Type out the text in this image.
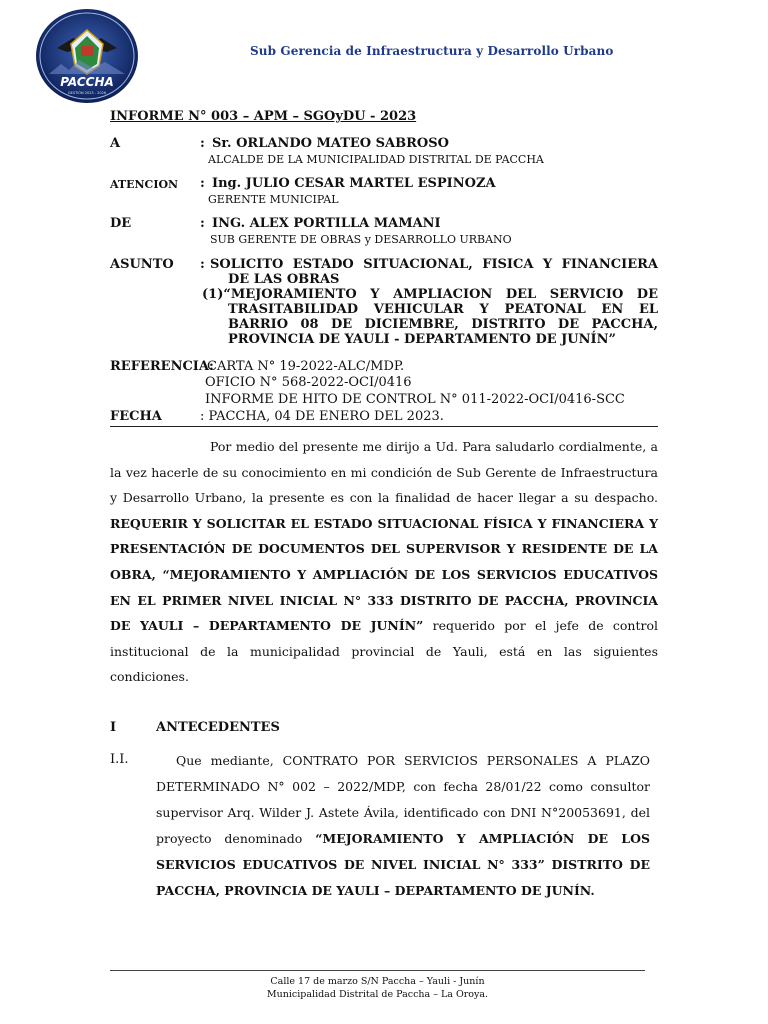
PACCHA
GESTIÓN 2023 - 2026
Sub Gerencia de Infraestructura y Desarrollo Urbano
INFORME N° 003 – APM – SGOyDU - 2023
A	: Sr. ORLANDO MATEO SABROSO
ALCALDE DE LA MUNICIPALIDAD DISTRITAL DE PACCHA
ATENCION : Ing. JULIO CESAR MARTEL ESPINOZA
GERENTE MUNICIPAL
DE	: ING. ALEX PORTILLA MAMANI
SUB GERENTE DE OBRAS y DESARROLLO URBANO
ASUNTO : SOLICITO ESTADO SITUACIONAL, FISICA Y FINANCIERA DE LAS OBRAS
(1)“MEJORAMIENTO Y AMPLIACION DEL SERVICIO DE TRASITABILIDAD VEHICULAR Y PEATONAL EN EL BARRIO 08 DE DICIEMBRE, DISTRITO DE PACCHA, PROVINCIA DE YAULI - DEPARTAMENTO DE JUNÍN”
REFERENCIA:
CARTA N° 19-2022-ALC/MDP.
OFICIO N° 568-2022-OCI/0416
INFORME DE HITO DE CONTROL N° 011-2022-OCI/0416-SCC
FECHA	: PACCHA, 04 DE ENERO DEL 2023.
Por medio del presente me dirijo a Ud. Para saludarlo cordialmente, a la vez hacerle de su conocimiento en mi condición de Sub Gerente de Infraestructura y Desarrollo Urbano, la presente es con la finalidad de hacer llegar a su despacho. REQUERIR Y SOLICITAR EL ESTADO SITUACIONAL FÍSICA Y FINANCIERA Y PRESENTACIÓN DE DOCUMENTOS DEL SUPERVISOR Y RESIDENTE DE LA OBRA, “MEJORAMIENTO Y AMPLIACIÓN DE LOS SERVICIOS EDUCATIVOS EN EL PRIMER NIVEL INICIAL N° 333 DISTRITO DE PACCHA, PROVINCIA DE YAULI – DEPARTAMENTO DE JUNÍN” requerido por el jefe de control institucional de la municipalidad provincial de Yauli, está en las siguientes condiciones.
I	ANTECEDENTES
I.I.	Que mediante, CONTRATO POR SERVICIOS PERSONALES A PLAZO DETERMINADO N° 002 – 2022/MDP, con fecha 28/01/22 como consultor supervisor Arq. Wilder J. Astete Ávila, identificado con DNI N°20053691, del proyecto denominado “MEJORAMIENTO Y AMPLIACIÓN DE LOS SERVICIOS EDUCATIVOS DE NIVEL INICIAL N° 333” DISTRITO DE PACCHA, PROVINCIA DE YAULI – DEPARTAMENTO DE JUNÍN.
Calle 17 de marzo S/N Paccha – Yauli - Junín
Municipalidad Distrital de Paccha – La Oroya.
